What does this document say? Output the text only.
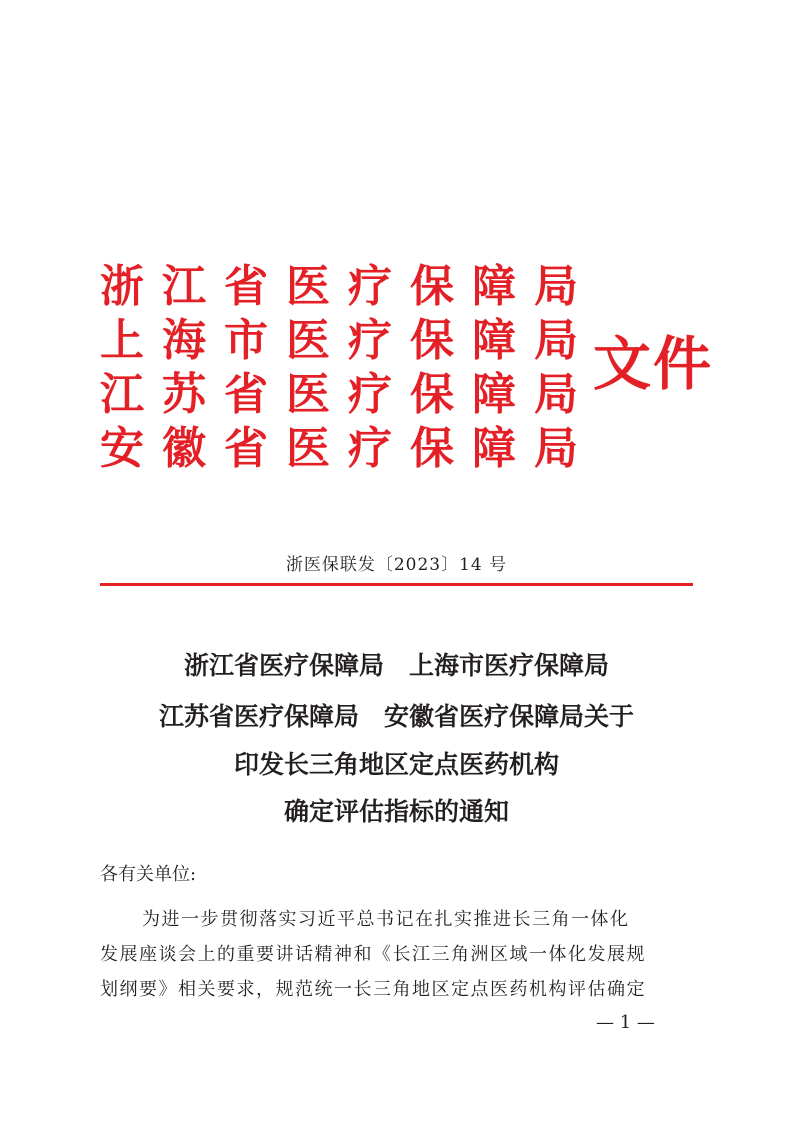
浙江省医疗保障局
上海市医疗保障局
江苏省医疗保障局
安徽省医疗保障局
文件
浙医保联发〔2023〕14 号
浙江省医疗保障局　上海市医疗保障局
江苏省医疗保障局　安徽省医疗保障局关于
印发长三角地区定点医药机构
确定评估指标的通知
各有关单位:
为进一步贯彻落实习近平总书记在扎实推进长三角一体化
发展座谈会上的重要讲话精神和《长江三角洲区域一体化发展规
划纲要》相关要求，规范统一长三角地区定点医药机构评估确定
— 1 —
